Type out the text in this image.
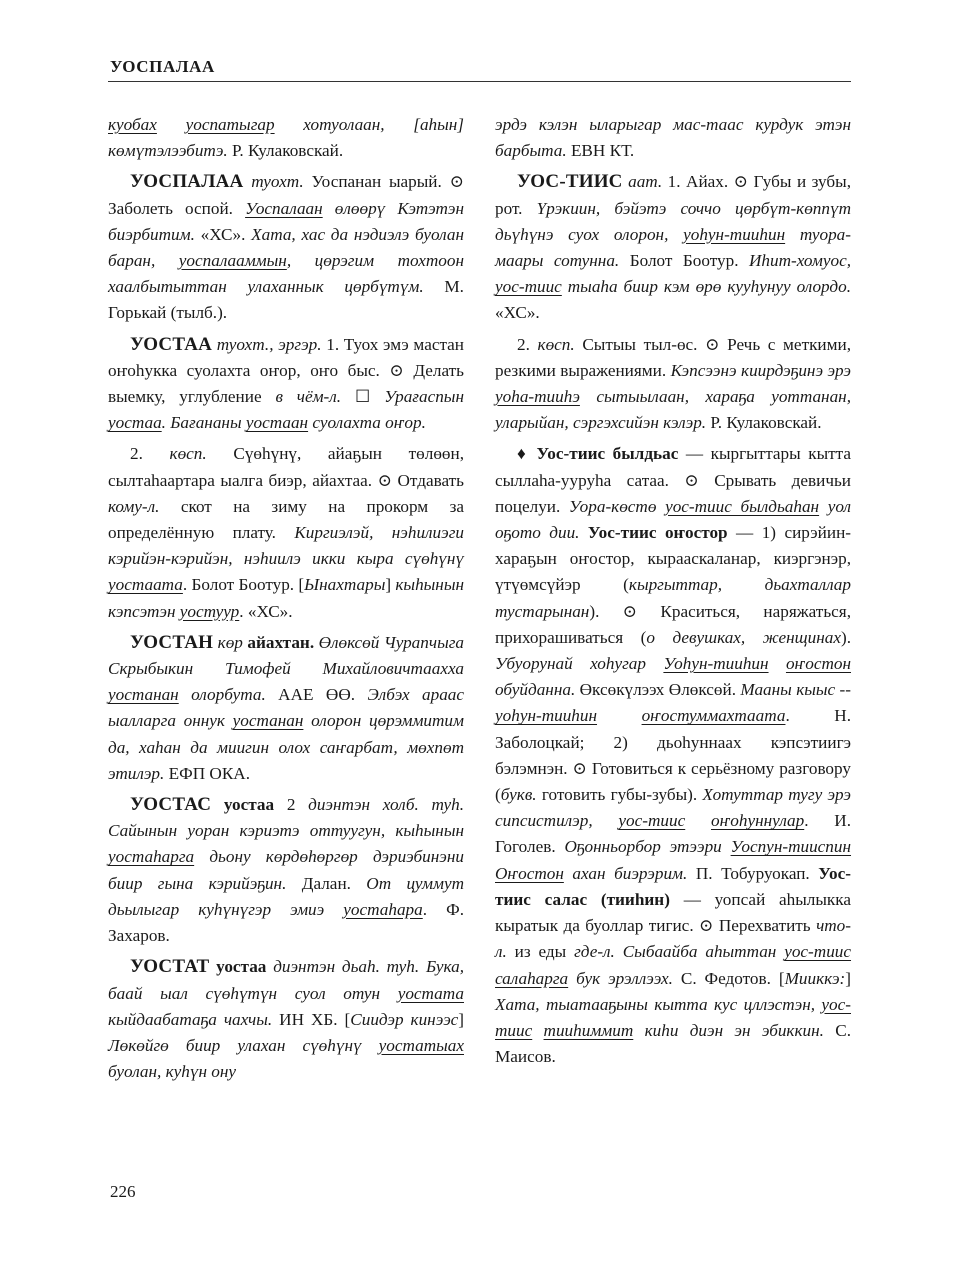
УОСПАЛАА

куобах уоспатыгар хотуолаан, [аһын] көмүтэлээбитэ. Р. Кулаковскай.

УОСПАЛАА туохт. Уоспанан ыарый. ⊙ Заболеть оспой. Уоспалаан өлөөрү Кэтэтэн биэрбитим. «ХС». Хата, хас да нэдиэлэ буолан баран, уоспалааммын, цөрэгим тохтоон хаалбытыттан улаханнык цөрбүтүм. М. Горькай (тылб.).

УОСТАА туохт., эргэр. 1. Туох эмэ мастан оҥоһукка суолахта оҥор, оҥо быс. ⊙ Делать выемку, углубление в чём-л. ☐ Урағаспын уостаа. Бағананы уостаан суолахта оҥор.

2. көсп. Сүөһүнү, айаҕын төлөөн, сылтаһаартара ыалга биэр, айахтаа. ⊙ Отдавать кому-л. скот на зиму на прокорм за определённую плату. Киргиэлэй, нэһилиэги кэрийэн-кэрийэн, нэһиилэ икки кыра сүөһүнү уостаата. Болот Боотур. [Ынахтары] кыһынын кэпсэтэн уостуур. «ХС».

УОСТАН көр айахтан. Өлөксөй Чурапчыга Скрыбыкин Тимофей Михайловичтаахха уостанан олорбута. ААЕ ӨӨ. Элбэх араас ыалларга оннук уостанан олорон цөрэммитим да, хаһан да миигин олох саҥарбат, мөхпөт этилэр. ЕФП ОКА.

УОСТАС уостаа 2 диэнтэн холб. туһ. Сайынын уоран кэриэтэ оттуугун, кыһынын уостаһарга дьону көрдөһөргөр дэриэбинэни биир гына кэрийэҕин. Далан. От цуммут дьылыгар куһүнүгэр эмиэ уостаһара. Ф. Захаров.

УОСТАТ уостаа диэнтэн дьаһ. туһ. Бука, баай ыал сүөһүтүн суол отун уостата кыйдаабатаҕа чахчы. ИН ХБ. [Сиидэр кинээс] Лөкөйгө биир улахан сүөһүнү уостатыах буолан, куһүн ону

эрдэ кэлэн ыларыгар мас-таас курдук этэн барбыта. ЕВН КТ.

УОС-ТИИС аат. 1. Айах. ⊙ Губы и зубы, рот. Үрэкиин, бэйэтэ соччо цөрбүт-көппүт дьүһүнэ суох олорон, уоһун-тииһин туора-маары сотунна. Болот Боотур. Иһит-хомуос, уос-тиис тыаһа биир кэм өрө кууһунуу олордо. «ХС».

2. көсп. Сытыы тыл-өс. ⊙ Речь с меткими, резкими выражениями. Кэпсээнэ киирдэҕинэ эрэ уоһа-тииһэ сытыылаан, хараҕа уоттанан, уларыйан, сэргэхсийэн кэлэр. Р. Кулаковскай.

♦ Уос-тиис былдьас — кыргыттары кытта сыллаһа-ууруһа сатаа. ⊙ Срывать девичьи поцелуи. Уора-көстө уос-тиис былдьаһан уол оҕото дии. Уос-тиис оҥостор — 1) сирэйин-хараҕын оҥостор, кырааскаланар, киэргэнэр, үтүөмсүйэр (кыргыттар, дьахталлар тустарынан). ⊙ Краситься, наряжаться, прихорашиваться (о девушках, женщинах). Убуорунай хоһугар Уоһун-тииһин оҥостон обуйданна. Өксөкүлээх Өлөксөй. Мааны кыыс -- уоһун-тииһин	оҥостуммахтаата. Н. Заболоцкай; 2) дьоһуннаах кэпсэтиигэ бэлэмнэн. ⊙ Готовиться к серьёзному разговору (букв. готовить губы-зубы). Хотуттар тугу эрэ сипсистилэр, уос-тиис оҥоһуннулар. И. Гоголев. Оҕонньорбор этээри Уоспун-тииспин Оҥостон ахан биэрэрим. П. Тобуруокап. Уос-тиис салас (тииһин) — уопсай аһылыкка кыратык да буоллар тигис. ⊙ Перехватить что-л. из еды где-л. Сыбаайба аһыттан уос-тиис салаһарга бук эрэллээх. С. Федотов. [Мииккэ:] Хата, тыатааҕыны кытта кус цллэстэн, уос-тиис тииһиммит киһи диэн эн эбиккин. С. Маисов.

226
